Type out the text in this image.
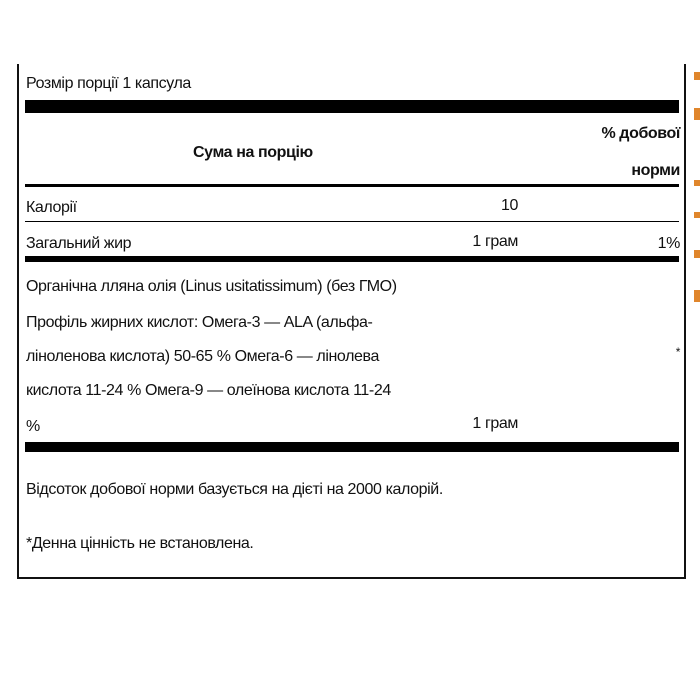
Розмір порції 1 капсула
Сума на порцію
% добової
норми
Калорії	10
Загальний жир	1 грам	1%
Органічна лляна олія (Linus usitatissimum) (без ГМО)
Профіль жирних кислот: Омега-3 — ALA (альфа-
ліноленова кислота) 50-65 % Омега-6 — лінолева
кислота 11-24 % Омега-9 — олеїнова кислота 11-24
%	1 грам
*
Відсоток добової норми базується на дієті на 2000 калорій.
*Денна цінність не встановлена.
